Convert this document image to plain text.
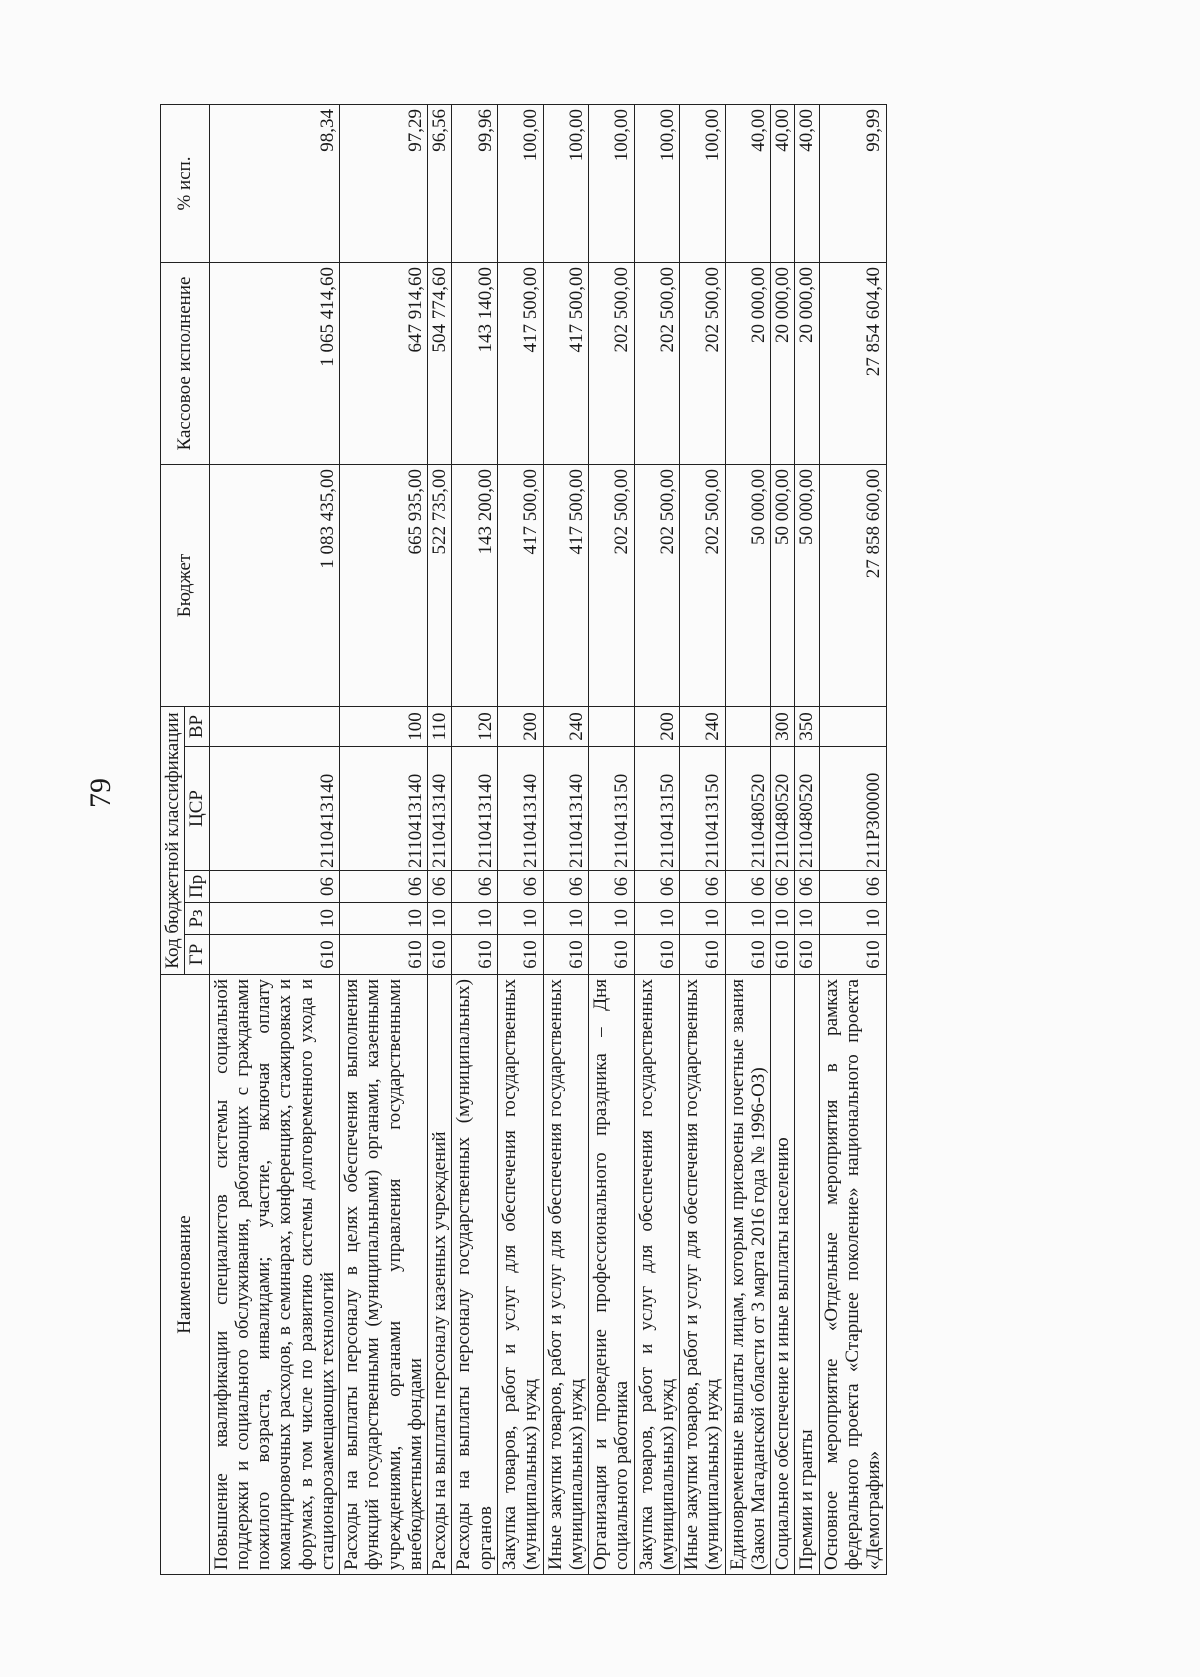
79
Наименование	Код бюджетной классификации					Бюджет	Кассовое исполнение	% исп.
	ГР	Рз	Пр	ЦСР	ВР			
Повышение квалификации специалистов системы социальной поддержки и социального обслуживания, работающих с гражданами пожилого возраста, инвалидами; участие, включая оплату командировочных расходов, в семинарах, конференциях, стажировках и форумах, в том числе по развитию системы долговременного ухода и стационарозамещающих технологий	610	10	06	2110413140		1 083 435,00	1 065 414,60	98,34
Расходы на выплаты персоналу в целях обеспечения выполнения функций государственными (муниципальными) органами, казенными учреждениями, органами управления государственными внебюджетными фондами	610	10	06	2110413140	100	665 935,00	647 914,60	97,29
Расходы на выплаты персоналу казенных учреждений	610	10	06	2110413140	110	522 735,00	504 774,60	96,56
Расходы на выплаты персоналу государственных (муниципальных) органов	610	10	06	2110413140	120	143 200,00	143 140,00	99,96
Закупка товаров, работ и услуг для обеспечения государственных (муниципальных) нужд	610	10	06	2110413140	200	417 500,00	417 500,00	100,00
Иные закупки товаров, работ и услуг для обеспечения государственных (муниципальных) нужд	610	10	06	2110413140	240	417 500,00	417 500,00	100,00
Организация и проведение профессионального праздника – Дня социального работника	610	10	06	2110413150		202 500,00	202 500,00	100,00
Закупка товаров, работ и услуг для обеспечения государственных (муниципальных) нужд	610	10	06	2110413150	200	202 500,00	202 500,00	100,00
Иные закупки товаров, работ и услуг для обеспечения государственных (муниципальных) нужд	610	10	06	2110413150	240	202 500,00	202 500,00	100,00
Единовременные выплаты лицам, которым присвоены почетные звания (Закон Магаданской области от 3 марта 2016 года № 1996-ОЗ)	610	10	06	2110480520		50 000,00	20 000,00	40,00
Социальное обеспечение и иные выплаты населению	610	10	06	2110480520	300	50 000,00	20 000,00	40,00
Премии и гранты	610	10	06	2110480520	350	50 000,00	20 000,00	40,00
Основное мероприятие «Отдельные мероприятия в рамках федерального проекта «Старшее поколение» национального проекта «Демография»	610	10	06	211P300000		27 858 600,00	27 854 604,40	99,99
